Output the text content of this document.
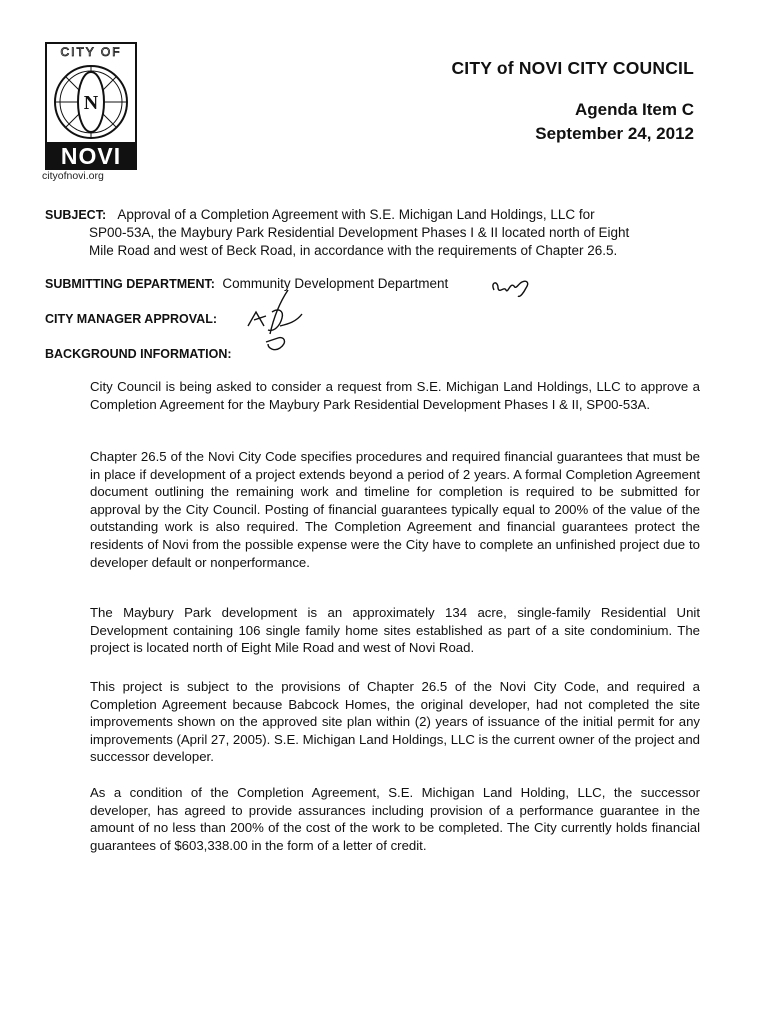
CITY OF
N
NOVI
cityofnovi.org
CITY of NOVI CITY COUNCIL
Agenda Item C
September 24, 2012
SUBJECT: Approval of a Completion Agreement with S.E. Michigan Land Holdings, LLC for
SP00-53A, the Maybury Park Residential Development Phases I & II located north of Eight
Mile Road and west of Beck Road, in accordance with the requirements of Chapter 26.5.
SUBMITTING DEPARTMENT: Community Development Department
CITY MANAGER APPROVAL:
BACKGROUND INFORMATION:

City Council is being asked to consider a request from S.E. Michigan Land Holdings, LLC to approve a Completion Agreement for the Maybury Park Residential Development Phases I & II, SP00-53A.

Chapter 26.5 of the Novi City Code specifies procedures and required financial guarantees that must be in place if development of a project extends beyond a period of 2 years. A formal Completion Agreement document outlining the remaining work and timeline for completion is required to be submitted for approval by the City Council. Posting of financial guarantees typically equal to 200% of the value of the outstanding work is also required. The Completion Agreement and financial guarantees protect the residents of Novi from the possible expense were the City have to complete an unfinished project due to developer default or nonperformance.

The Maybury Park development is an approximately 134 acre, single-family Residential Unit Development containing 106 single family home sites established as part of a site condominium. The project is located north of Eight Mile Road and west of Novi Road.

This project is subject to the provisions of Chapter 26.5 of the Novi City Code, and required a Completion Agreement because Babcock Homes, the original developer, had not completed the site improvements shown on the approved site plan within (2) years of issuance of the initial permit for any improvements (April 27, 2005). S.E. Michigan Land Holdings, LLC is the current owner of the project and successor developer.

As a condition of the Completion Agreement, S.E. Michigan Land Holding, LLC, the successor developer, has agreed to provide assurances including provision of a performance guarantee in the amount of no less than 200% of the cost of the work to be completed. The City currently holds financial guarantees of $603,338.00 in the form of a letter of credit.
